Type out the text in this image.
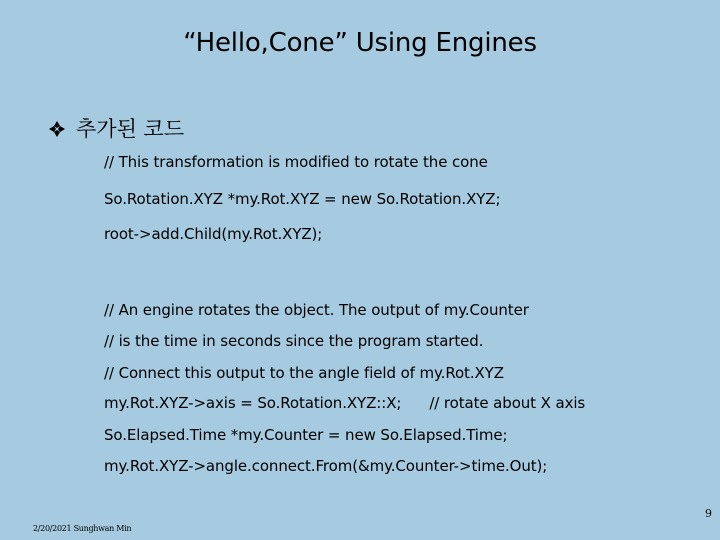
“Hello,Cone” Using Engines
추가된 코드
// This transformation is modified to rotate the cone
So.Rotation.XYZ *my.Rot.XYZ = new So.Rotation.XYZ;
root->add.Child(my.Rot.XYZ);
// An engine rotates the object. The output of my.Counter
// is the time in seconds since the program started.
// Connect this output to the angle field of my.Rot.XYZ
my.Rot.XYZ->axis = So.Rotation.XYZ::X;      // rotate about X axis
So.Elapsed.Time *my.Counter = new So.Elapsed.Time;
my.Rot.XYZ->angle.connect.From(&my.Counter->time.Out);
2/20/2021 Sunghwan Min
9
